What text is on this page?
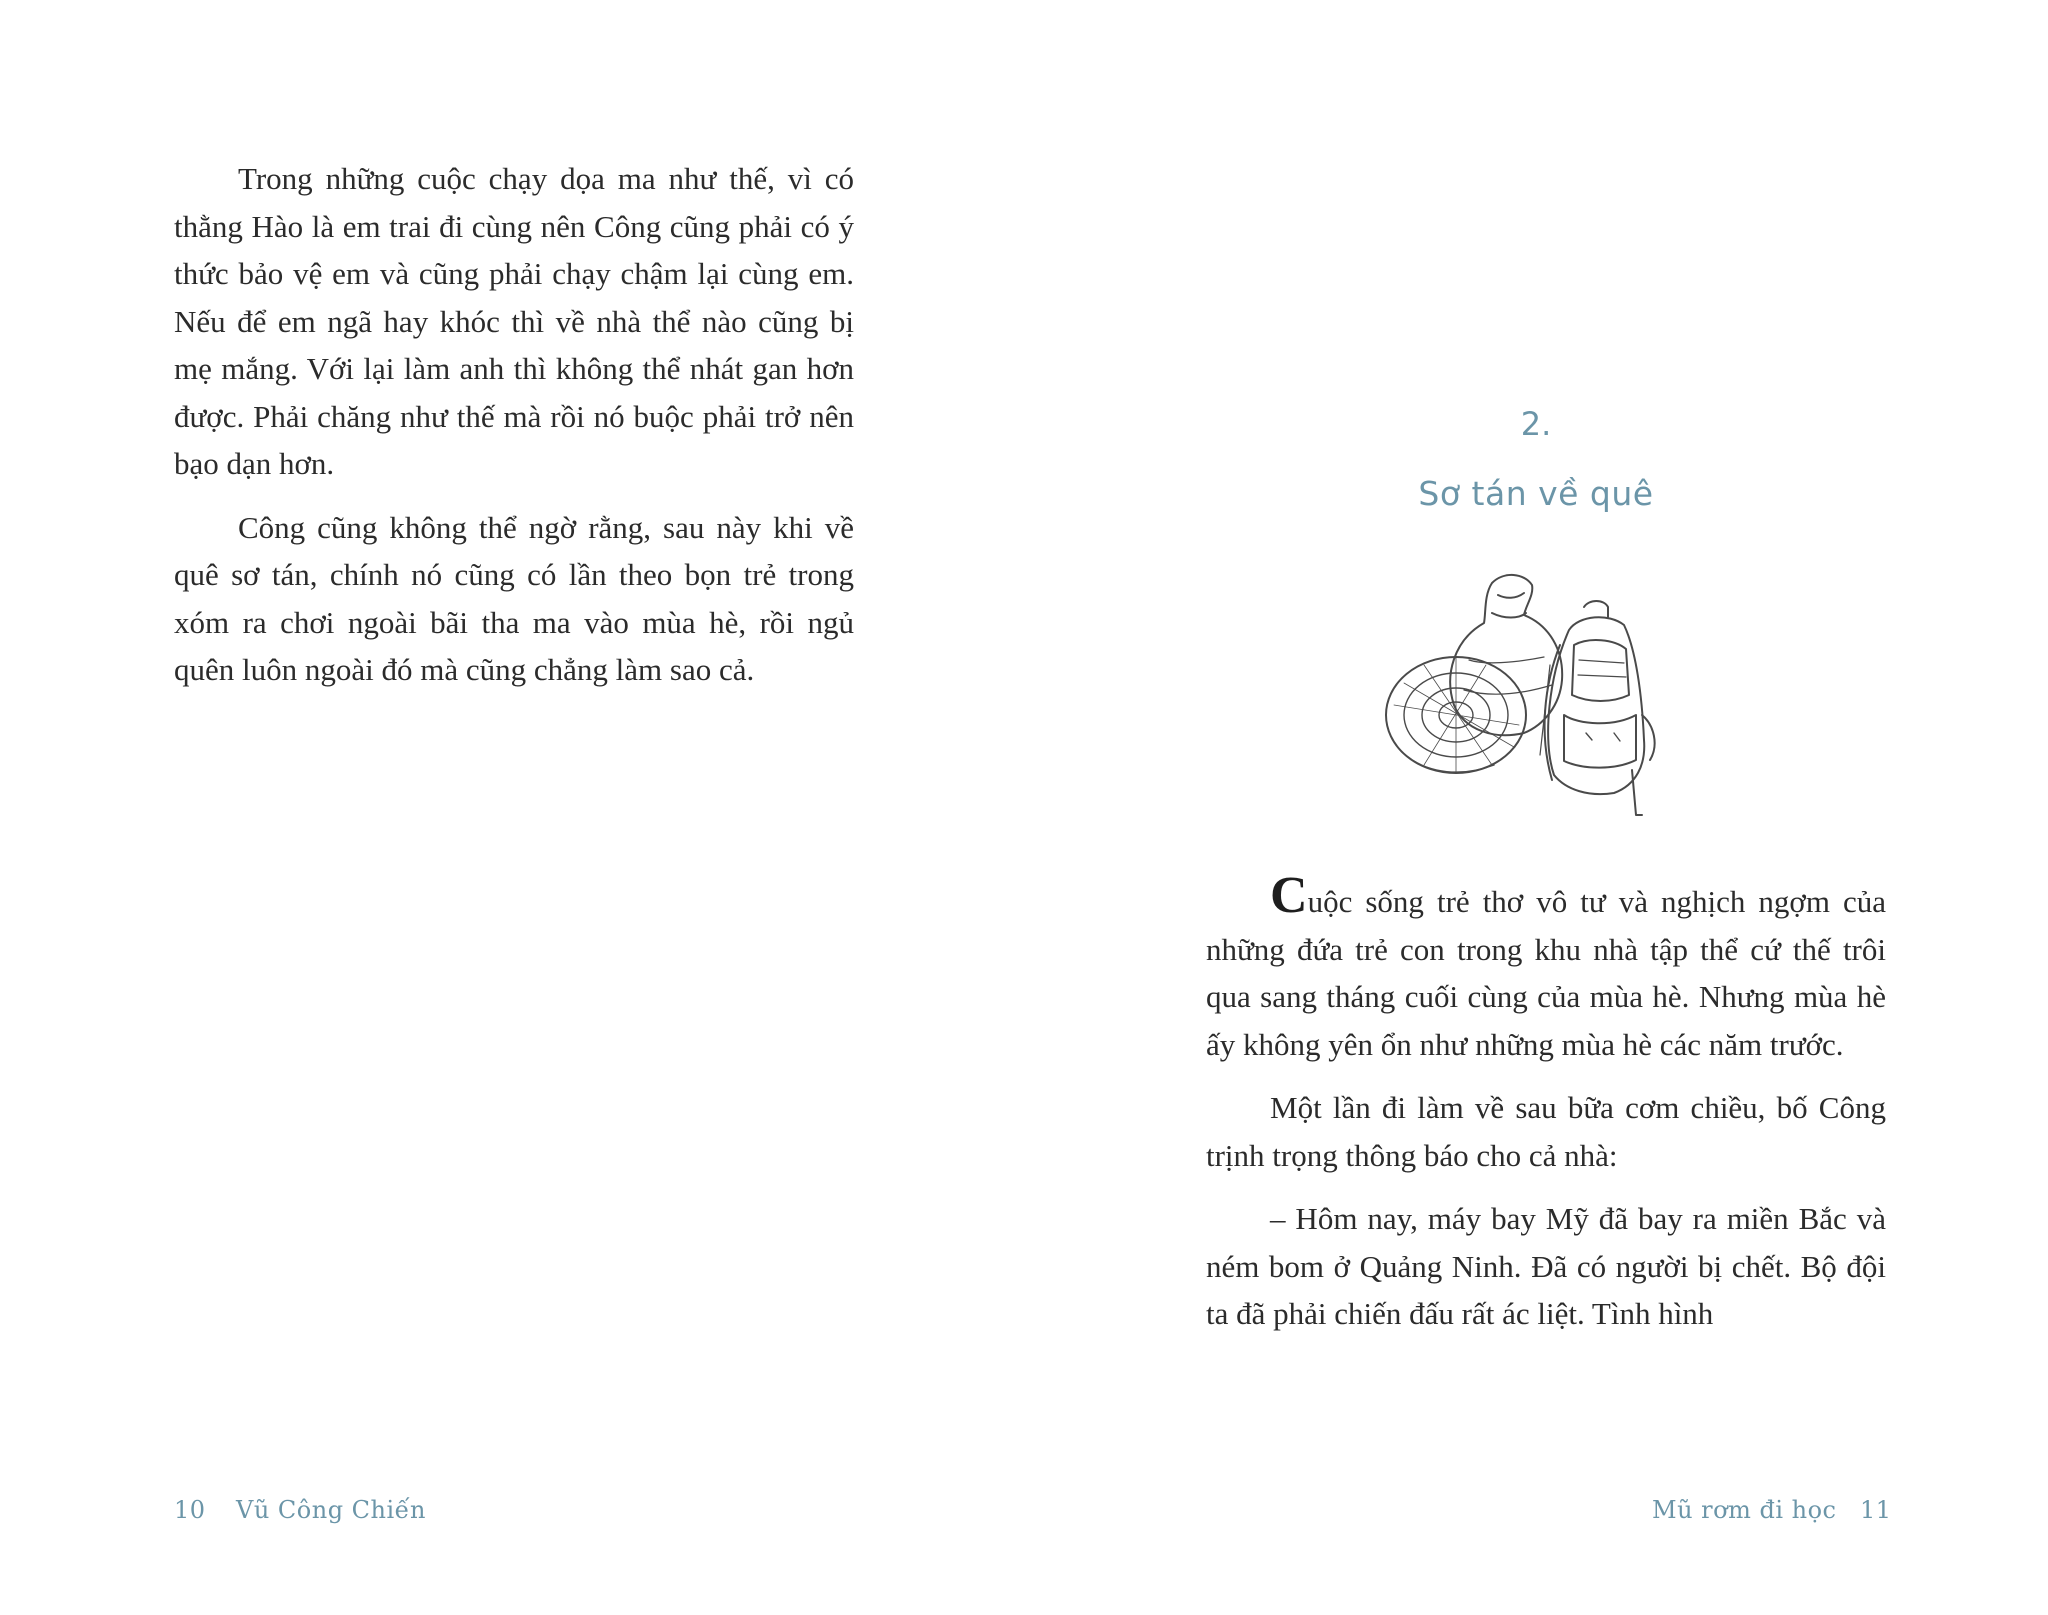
Trong những cuộc chạy dọa ma như thế, vì có thằng Hào là em trai đi cùng nên Công cũng phải có ý thức bảo vệ em và cũng phải chạy chậm lại cùng em. Nếu để em ngã hay khóc thì về nhà thể nào cũng bị mẹ mắng. Với lại làm anh thì không thể nhát gan hơn được. Phải chăng như thế mà rồi nó buộc phải trở nên bạo dạn hơn.

Công cũng không thể ngờ rằng, sau này khi về quê sơ tán, chính nó cũng có lần theo bọn trẻ trong xóm ra chơi ngoài bãi tha ma vào mùa hè, rồi ngủ quên luôn ngoài đó mà cũng chẳng làm sao cả.

10 Vũ Công Chiến
2.
Sơ tán về quê

Cuộc sống trẻ thơ vô tư và nghịch ngợm của những đứa trẻ con trong khu nhà tập thể cứ thế trôi qua sang tháng cuối cùng của mùa hè. Nhưng mùa hè ấy không yên ổn như những mùa hè các năm trước.

Một lần đi làm về sau bữa cơm chiều, bố Công trịnh trọng thông báo cho cả nhà:

– Hôm nay, máy bay Mỹ đã bay ra miền Bắc và ném bom ở Quảng Ninh. Đã có người bị chết. Bộ đội ta đã phải chiến đấu rất ác liệt. Tình hình

Mũ rơm đi học 11
